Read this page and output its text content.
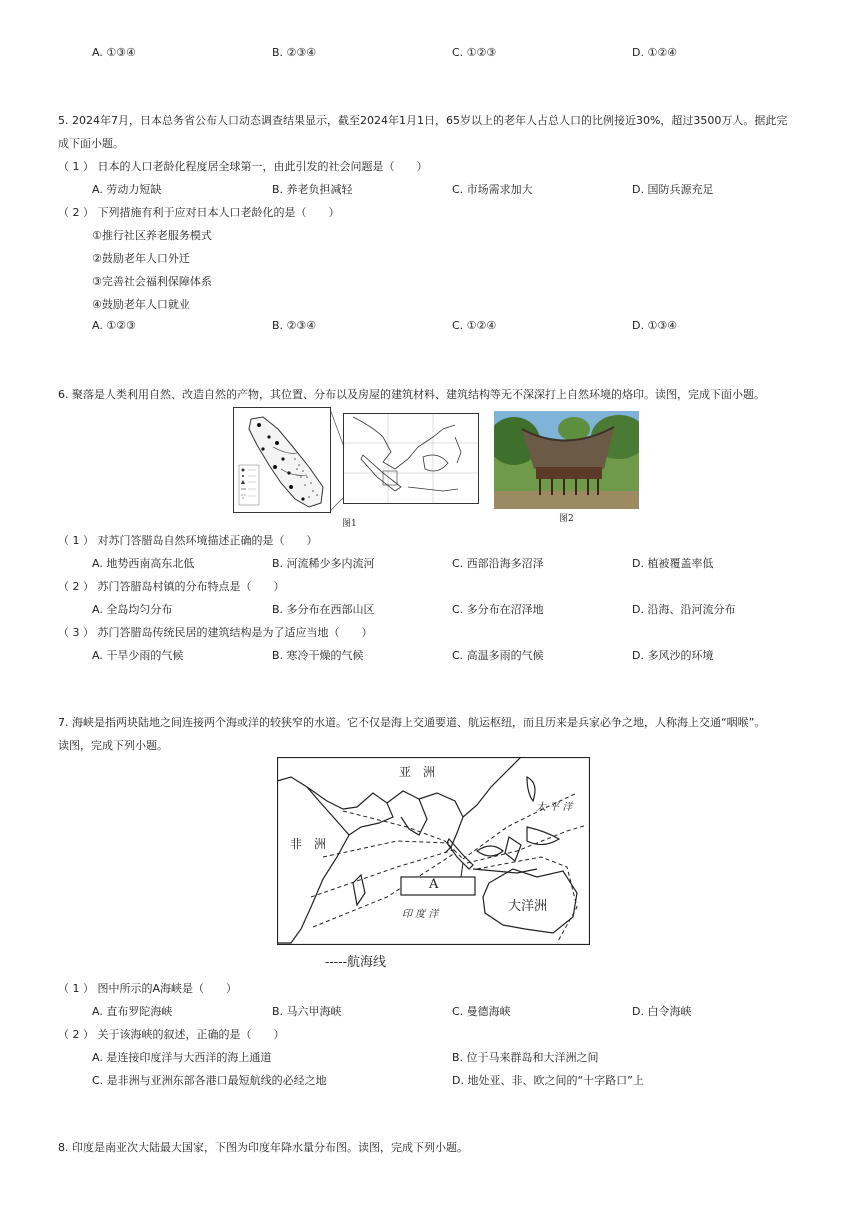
A. ①③④	B. ②③④	C. ①②③	D. ①②④
5. 2024年7月，日本总务省公布人口动态调查结果显示，截至2024年1月1日，65岁以上的老年人占总人口的比例接近30%，超过3500万人。据此完
成下面小题。
（ 1 ） 日本的人口老龄化程度居全球第一，由此引发的社会问题是（　　）
A. 劳动力短缺	B. 养老负担减轻	C. 市场需求加大	D. 国防兵源充足
（ 2 ） 下列措施有利于应对日本人口老龄化的是（　　）
①推行社区养老服务模式
②鼓励老年人口外迁
③完善社会福利保障体系
④鼓励老年人口就业
A. ①②③	B. ②③④	C. ①②④	D. ①③④
6. 聚落是人类利用自然、改造自然的产物，其位置、分布以及房屋的建筑材料、建筑结构等无不深深打上自然环境的烙印。读图，完成下面小题。
图1	图2
（ 1 ） 对苏门答腊岛自然环境描述正确的是（　　）
A. 地势西南高东北低	B. 河流稀少多内流河	C. 西部沿海多沼泽	D. 植被覆盖率低
（ 2 ） 苏门答腊岛村镇的分布特点是（　　）
A. 全岛均匀分布	B. 多分布在西部山区	C. 多分布在沼泽地	D. 沿海、沿河流分布
（ 3 ） 苏门答腊岛传统民居的建筑结构是为了适应当地（　　）
A. 干旱少雨的气候	B. 寒冷干燥的气候	C. 高温多雨的气候	D. 多风沙的环境
7. 海峡是指两块陆地之间连接两个海或洋的较狭窄的水道。它不仅是海上交通要道、航运枢纽，而且历来是兵家必争之地，人称海上交通“咽喉”。
读图，完成下列小题。
亚　洲
非　洲
太 平 洋
印 度 洋
大洋洲
A
-----航海线
（ 1 ） 图中所示的A海峡是（　　）
A. 直布罗陀海峡	B. 马六甲海峡	C. 曼德海峡	D. 白令海峡
（ 2 ） 关于该海峡的叙述，正确的是（　　）
A. 是连接印度洋与大西洋的海上通道	B. 位于马来群岛和大洋洲之间
C. 是非洲与亚洲东部各港口最短航线的必经之地	D. 地处亚、非、欧之间的“十字路口”上
8. 印度是南亚次大陆最大国家，下图为印度年降水量分布图。读图，完成下列小题。
